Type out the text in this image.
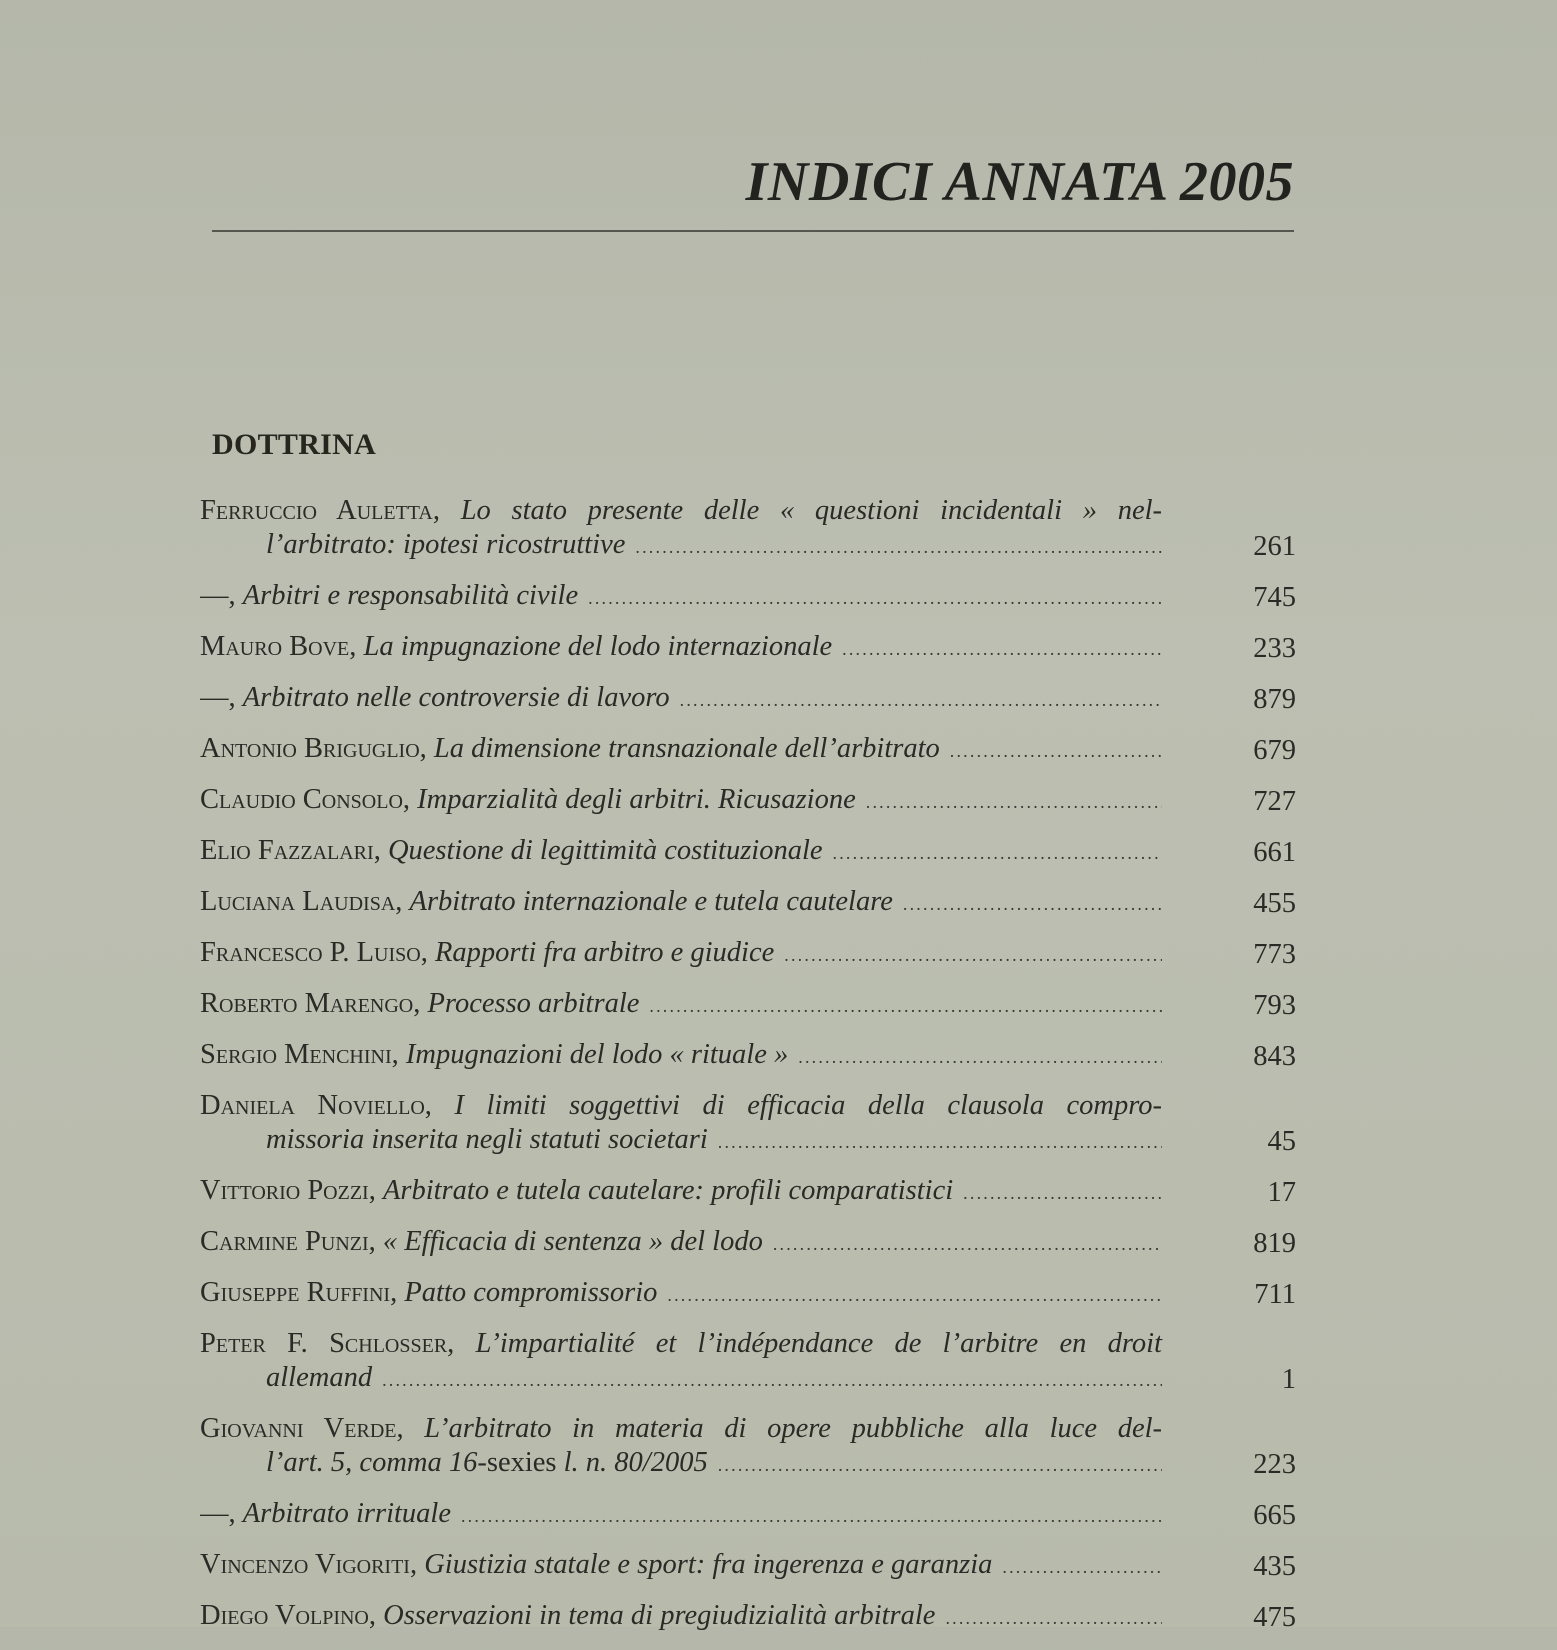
INDICI ANNATA 2005
DOTTRINA
Ferruccio Auletta, Lo stato presente delle « questioni incidentali » nel-
l’arbitrato: ipotesi ricostruttive .....	261
—, Arbitri e responsabilità civile .....	745
Mauro Bove, La impugnazione del lodo internazionale .....	233
—, Arbitrato nelle controversie di lavoro .....	879
Antonio Briguglio, La dimensione transnazionale dell’arbitrato .....	679
Claudio Consolo, Imparzialità degli arbitri. Ricusazione .....	727
Elio Fazzalari, Questione di legittimità costituzionale .....	661
Luciana Laudisa, Arbitrato internazionale e tutela cautelare .....	455
Francesco P. Luiso, Rapporti fra arbitro e giudice .....	773
Roberto Marengo, Processo arbitrale .....	793
Sergio Menchini, Impugnazioni del lodo « rituale » .....	843
Daniela Noviello, I limiti soggettivi di efficacia della clausola compro-
missoria inserita negli statuti societari .....	45
Vittorio Pozzi, Arbitrato e tutela cautelare: profili comparatistici .....	17
Carmine Punzi, « Efficacia di sentenza » del lodo .....	819
Giuseppe Ruffini, Patto compromissorio .....	711
Peter F. Schlosser, L’impartialité et l’indépendance de l’arbitre en droit
allemand .....	1
Giovanni Verde, L’arbitrato in materia di opere pubbliche alla luce del-
l’art. 5, comma 16-sexies l. n. 80/2005 .....	223
—, Arbitrato irrituale .....	665
Vincenzo Vigoriti, Giustizia statale e sport: fra ingerenza e garanzia .....	435
Diego Volpino, Osservazioni in tema di pregiudizialità arbitrale .....	475
